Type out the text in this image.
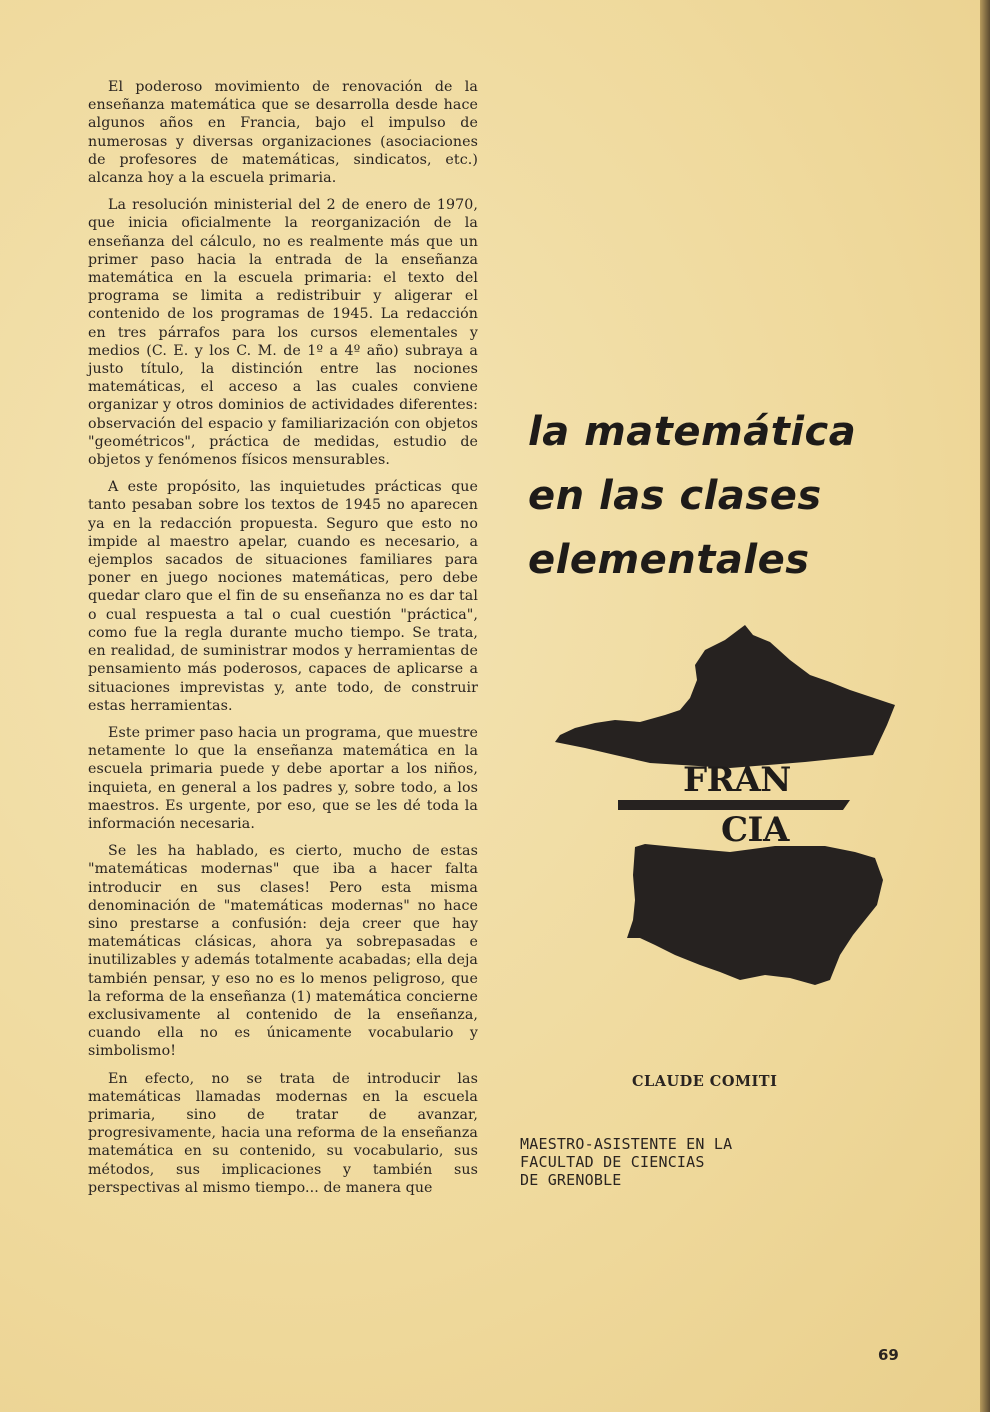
El poderoso movimiento de renovación de la enseñanza matemática que se desarrolla desde hace algunos años en Francia, bajo el impulso de numerosas y diversas organizaciones (asociaciones de profesores de matemáticas, sindicatos, etc.) alcanza hoy a la escuela primaria.

La resolución ministerial del 2 de enero de 1970, que inicia oficialmente la reorganización de la enseñanza del cálculo, no es realmente más que un primer paso hacia la entrada de la enseñanza matemática en la escuela primaria: el texto del programa se limita a redistribuir y aligerar el contenido de los programas de 1945. La redacción en tres párrafos para los cursos elementales y medios (C. E. y los C. M. de 1º a 4º año) subraya a justo título, la distinción entre las nociones matemáticas, el acceso a las cuales conviene organizar y otros dominios de actividades diferentes: observación del espacio y familiarización con objetos "geométricos", práctica de medidas, estudio de objetos y fenómenos físicos mensurables.

A este propósito, las inquietudes prácticas que tanto pesaban sobre los textos de 1945 no aparecen ya en la redacción propuesta. Seguro que esto no impide al maestro apelar, cuando es necesario, a ejemplos sacados de situaciones familiares para poner en juego nociones matemáticas, pero debe quedar claro que el fin de su enseñanza no es dar tal o cual respuesta a tal o cual cuestión "práctica", como fue la regla durante mucho tiempo. Se trata, en realidad, de suministrar modos y herramientas de pensamiento más poderosos, capaces de aplicarse a situaciones imprevistas y, ante todo, de construir estas herramientas.

Este primer paso hacia un programa, que muestre netamente lo que la enseñanza matemática en la escuela primaria puede y debe aportar a los niños, inquieta, en general a los padres y, sobre todo, a los maestros. Es urgente, por eso, que se les dé toda la información necesaria.

Se les ha hablado, es cierto, mucho de estas "matemáticas modernas" que iba a hacer falta introducir en sus clases! Pero esta misma denominación de "matemáticas modernas" no hace sino prestarse a confusión: deja creer que hay matemáticas clásicas, ahora ya sobrepasadas e inutilizables y además totalmente acabadas; ella deja también pensar, y eso no es lo menos peligroso, que la reforma de la enseñanza (1) matemática concierne exclusivamente al contenido de la enseñanza, cuando ella no es únicamente vocabulario y simbolismo!

En efecto, no se trata de introducir las matemáticas llamadas modernas en la escuela primaria, sino de tratar de avanzar, progresivamente, hacia una reforma de la enseñanza matemática en su contenido, su vocabulario, sus métodos, sus implicaciones y también sus perspectivas al mismo tiempo... de manera que

la matemática
en las clases
elementales
FRAN
CIA
CLAUDE COMITI
MAESTRO-ASISTENTE EN LA
FACULTAD DE CIENCIAS
DE GRENOBLE
69
